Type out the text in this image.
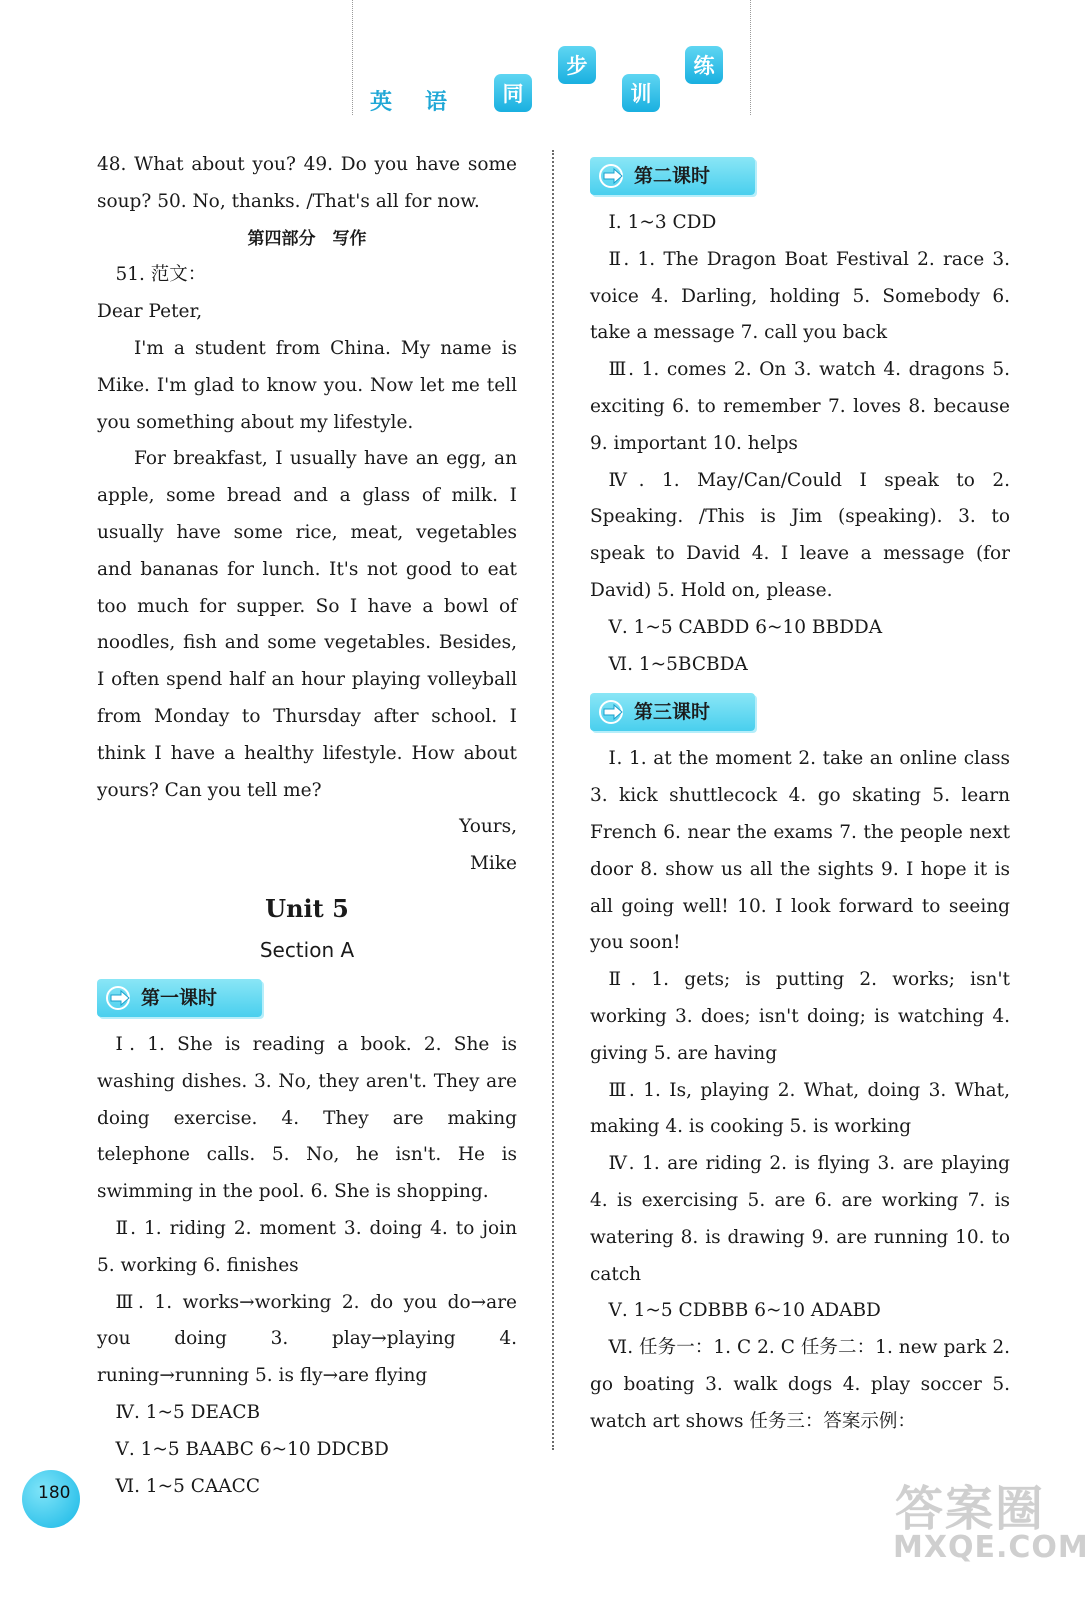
英 语	同
步
训
练

48. What about you? 49. Do you have some soup? 50. No, thanks. /That's all for now.

第四部分　写作

51. 范文：

Dear Peter,

I'm a student from China. My name is Mike. I'm glad to know you. Now let me tell you something about my lifestyle.

For breakfast, I usually have an egg, an apple, some bread and a glass of milk. I usually have some rice, meat, vegetables and bananas for lunch. It's not good to eat too much for supper. So I have a bowl of noodles, fish and some vegetables. Besides, I often spend half an hour playing volleyball from Monday to Thursday after school. I think I have a healthy lifestyle. How about yours? Can you tell me?

Yours,

Mike

Unit 5

Section A

第一课时

Ⅰ. 1. She is reading a book. 2. She is washing dishes. 3. No, they aren't. They are doing exercise. 4. They are making telephone calls. 5. No, he isn't. He is swimming in the pool. 6. She is shopping.

Ⅱ. 1. riding 2. moment 3. doing 4. to join 5. working 6. finishes

Ⅲ. 1. works→working 2. do you do→are you doing 3. play→playing 4. runing→running 5. is fly→are flying

Ⅳ. 1~5 DEACB

Ⅴ. 1~5 BAABC 6~10 DDCBD

Ⅵ. 1~5 CAACC

第二课时

Ⅰ. 1~3 CDD

Ⅱ. 1. The Dragon Boat Festival 2. race 3. voice 4. Darling, holding 5. Somebody 6. take a message 7. call you back

Ⅲ. 1. comes 2. On 3. watch 4. dragons 5. exciting 6. to remember 7. loves 8. because 9. important 10. helps

Ⅳ. 1. May/Can/Could I speak to 2. Speaking. /This is Jim (speaking). 3. to speak to David 4. I leave a message (for David) 5. Hold on, please.

Ⅴ. 1~5 CABDD 6~10 BBDDA

Ⅵ. 1~5BCBDA

第三课时

Ⅰ. 1. at the moment 2. take an online class 3. kick shuttlecock 4. go skating 5. learn French 6. near the exams 7. the people next door 8. show us all the sights 9. I hope it is all going well! 10. I look forward to seeing you soon!

Ⅱ. 1. gets; is putting 2. works; isn't working 3. does; isn't doing; is watching 4. giving 5. are having

Ⅲ. 1. Is, playing 2. What, doing 3. What, making 4. is cooking 5. is working

Ⅳ. 1. are riding 2. is flying 3. are playing 4. is exercising 5. are 6. are working 7. is watering 8. is drawing 9. are running 10. to catch

Ⅴ. 1~5 CDBBB 6~10 ADABD

Ⅵ. 任务一：1. C 2. C 任务二：1. new park 2. go boating 3. walk dogs 4. play soccer 5. watch art shows 任务三：答案示例：

180	答案圈
MXQE.COM
